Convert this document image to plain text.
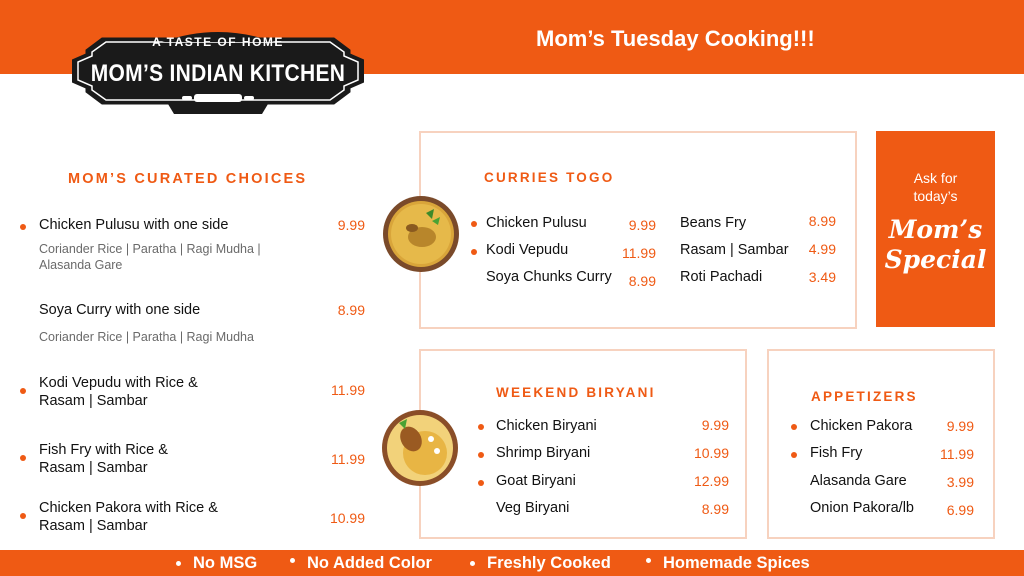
Mom’s Tuesday Cooking!!!
A TASTE OF HOME
MOM’S INDIAN KITCHEN
MOM’S CURATED CHOICES
Chicken Pulusu with one side	9.99
Coriander Rice | Paratha | Ragi Mudha | Alasanda Gare
Soya Curry with one side	8.99
Coriander Rice | Paratha | Ragi Mudha
Kodi Vepudu with Rice &
Rasam | Sambar
11.99
Fish Fry with Rice &
Rasam | Sambar
11.99
Chicken Pakora with Rice &
Rasam | Sambar	10.99
CURRIES TOGO
Chicken Pulusu	9.99
Kodi Vepudu	11.99
Soya Chunks Curry	8.99
Beans Fry	8.99
Rasam | Sambar	4.99
Roti Pachadi	3.49
Ask for today’s
Mom’s
Special
WEEKEND BIRYANI
Chicken Biryani	9.99
Shrimp Biryani	10.99
Goat Biryani	12.99
Veg Biryani	8.99
APPETIZERS
Chicken Pakora	9.99
Fish Fry	11.99
Alasanda Gare	3.99
Onion Pakora/lb	6.99
No MSG	No Added Color	Freshly Cooked	Homemade Spices
